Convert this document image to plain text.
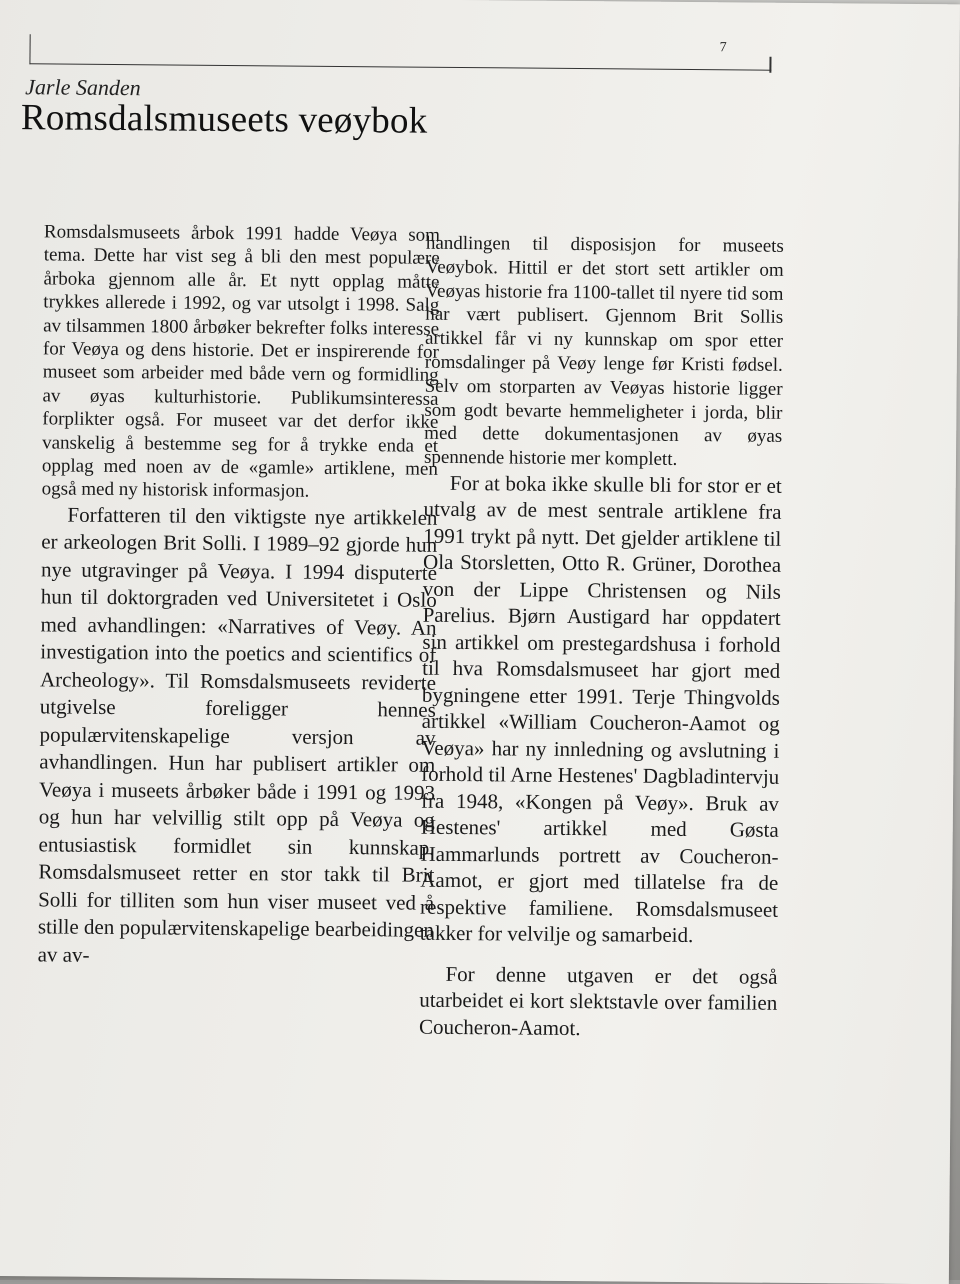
7

Jarle Sanden

Romsdalsmuseets veøybok

Romsdalsmuseets årbok 1991 hadde Veøya som tema. Dette har vist seg å bli den mest populære årboka gjennom alle år. Et nytt opplag måtte trykkes allerede i 1992, og var utsolgt i 1998. Salg av tilsammen 1800 årbøker bekrefter folks interesse for Veøya og dens historie. Det er inspirerende for museet som arbeider med både vern og formidling av øyas kulturhistorie. Publikumsinteressa forplikter også. For museet var det derfor ikke vanskelig å bestemme seg for å trykke enda et opplag med noen av de «gamle» artiklene, men også med ny historisk informasjon.

Forfatteren til den viktigste nye artikkelen er arkeologen Brit Solli. I 1989–92 gjorde hun nye utgravinger på Veøya. I 1994 disputerte hun til doktorgraden ved Universitetet i Oslo med avhandlingen: «Narratives of Veøy. An investigation into the poetics and scientifics of Archeology». Til Romsdalsmuseets reviderte utgivelse foreligger hennes populærvitenskapelige versjon av avhandlingen. Hun har publisert artikler om Veøya i museets årbøker både i 1991 og 1993 og hun har velvillig stilt opp på Veøya og entusiastisk formidlet sin kunnskap. Romsdalsmuseet retter en stor takk til Brit Solli for tilliten som hun viser museet ved å stille den populærvitenskapelige bearbeidingen av av-

handlingen til disposisjon for museets Veøybok. Hittil er det stort sett artikler om Veøyas historie fra 1100-tallet til nyere tid som har vært publisert. Gjennom Brit Sollis artikkel får vi ny kunnskap om spor etter romsdalinger på Veøy lenge før Kristi fødsel. Selv om storparten av Veøyas historie ligger som godt bevarte hemmeligheter i jorda, blir med dette dokumentasjonen av øyas spennende historie mer komplett.

For at boka ikke skulle bli for stor er et utvalg av de mest sentrale artiklene fra 1991 trykt på nytt. Det gjelder artiklene til Ola Storsletten, Otto R. Grüner, Dorothea von der Lippe Christensen og Nils Parelius. Bjørn Austigard har oppdatert sin artikkel om prestegardshusa i forhold til hva Romsdalsmuseet har gjort med bygningene etter 1991. Terje Thingvolds artikkel «William Coucheron-Aamot og Veøya» har ny innledning og avslutning i forhold til Arne Hestenes' Dagbladintervju fra 1948, «Kongen på Veøy». Bruk av Hestenes' artikkel med Gøsta Hammarlunds portrett av Coucheron-Aamot, er gjort med tillatelse fra de respektive familiene. Romsdalsmuseet takker for velvilje og samarbeid.

For denne utgaven er det også utarbeidet ei kort slektstavle over familien Coucheron-Aamot.
